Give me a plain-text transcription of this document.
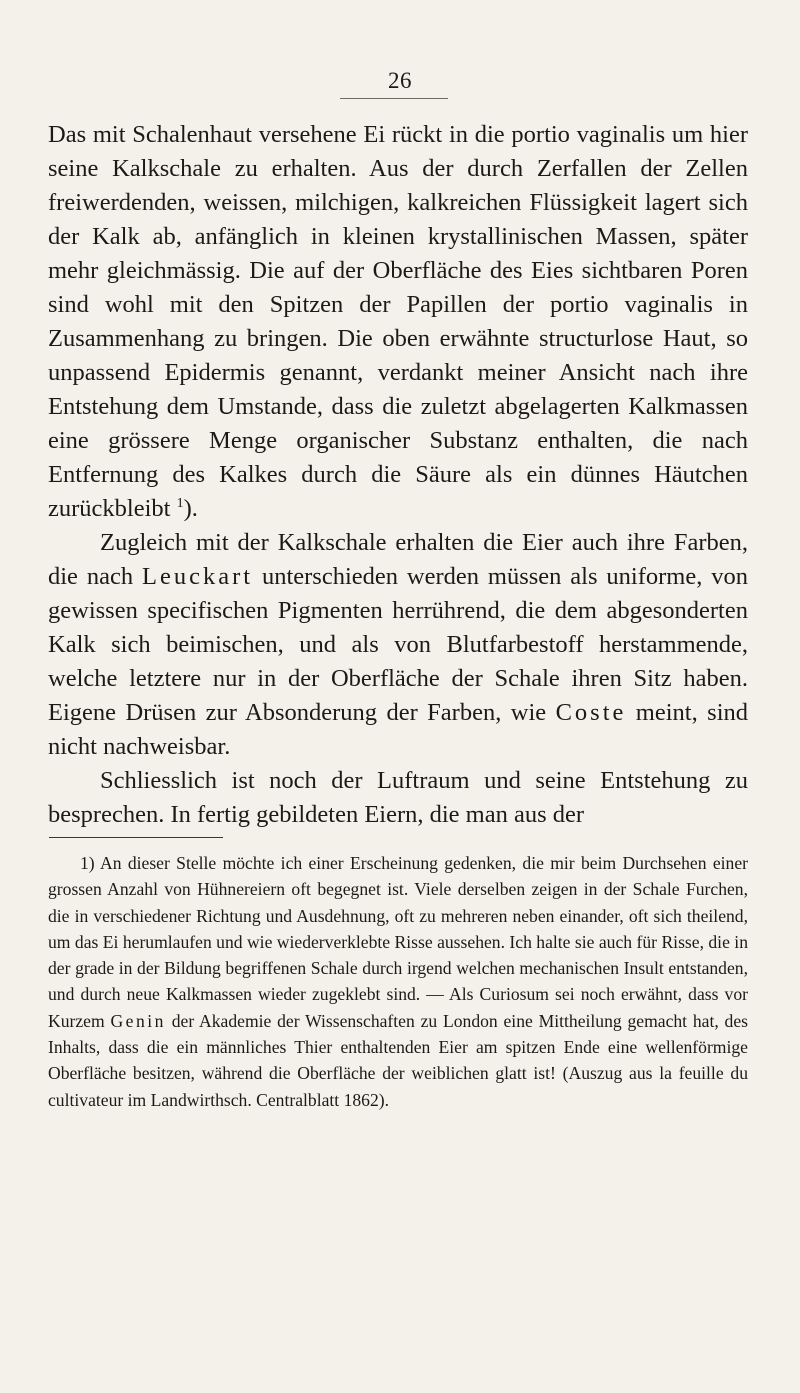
26

Das mit Schalenhaut versehene Ei rückt in die portio vaginalis um hier seine Kalkschale zu erhalten. Aus der durch Zerfallen der Zellen freiwerdenden, weissen, milchigen, kalkreichen Flüssigkeit lagert sich der Kalk ab, anfänglich in kleinen krystallinischen Massen, später mehr gleichmässig. Die auf der Oberfläche des Eies sichtbaren Poren sind wohl mit den Spitzen der Papillen der portio vaginalis in Zusammenhang zu bringen. Die oben erwähnte structurlose Haut, so unpassend Epidermis genannt, verdankt meiner Ansicht nach ihre Entstehung dem Umstande, dass die zuletzt abgelagerten Kalkmassen eine grössere Menge organischer Substanz enthalten, die nach Entfernung des Kalkes durch die Säure als ein dünnes Häutchen zurückbleibt $^1$).

Zugleich mit der Kalkschale erhalten die Eier auch ihre Farben, die nach Leuckart unterschieden werden müssen als uniforme, von gewissen specifischen Pigmenten herrührend, die dem abgesonderten Kalk sich beimischen, und als von Blutfarbestoff herstammende, welche letztere nur in der Oberfläche der Schale ihren Sitz haben. Eigene Drüsen zur Absonderung der Farben, wie Coste meint, sind nicht nachweisbar.

Schliesslich ist noch der Luftraum und seine Entstehung zu besprechen. In fertig gebildeten Eiern, die man aus der

1) An dieser Stelle möchte ich einer Erscheinung gedenken, die mir beim Durchsehen einer grossen Anzahl von Hühnereiern oft begegnet ist. Viele derselben zeigen in der Schale Furchen, die in verschiedener Richtung und Ausdehnung, oft zu mehreren neben einander, oft sich theilend, um das Ei herumlaufen und wie wiederverklebte Risse aussehen. Ich halte sie auch für Risse, die in der grade in der Bildung begriffenen Schale durch irgend welchen mechanischen Insult entstanden, und durch neue Kalkmassen wieder zugeklebt sind. — Als Curiosum sei noch erwähnt, dass vor Kurzem Genin der Akademie der Wissenschaften zu London eine Mittheilung gemacht hat, des Inhalts, dass die ein männliches Thier enthaltenden Eier am spitzen Ende eine wellenförmige Oberfläche besitzen, während die Oberfläche der weiblichen glatt ist! (Auszug aus la feuille du cultivateur im Landwirthsch. Centralblatt 1862).
